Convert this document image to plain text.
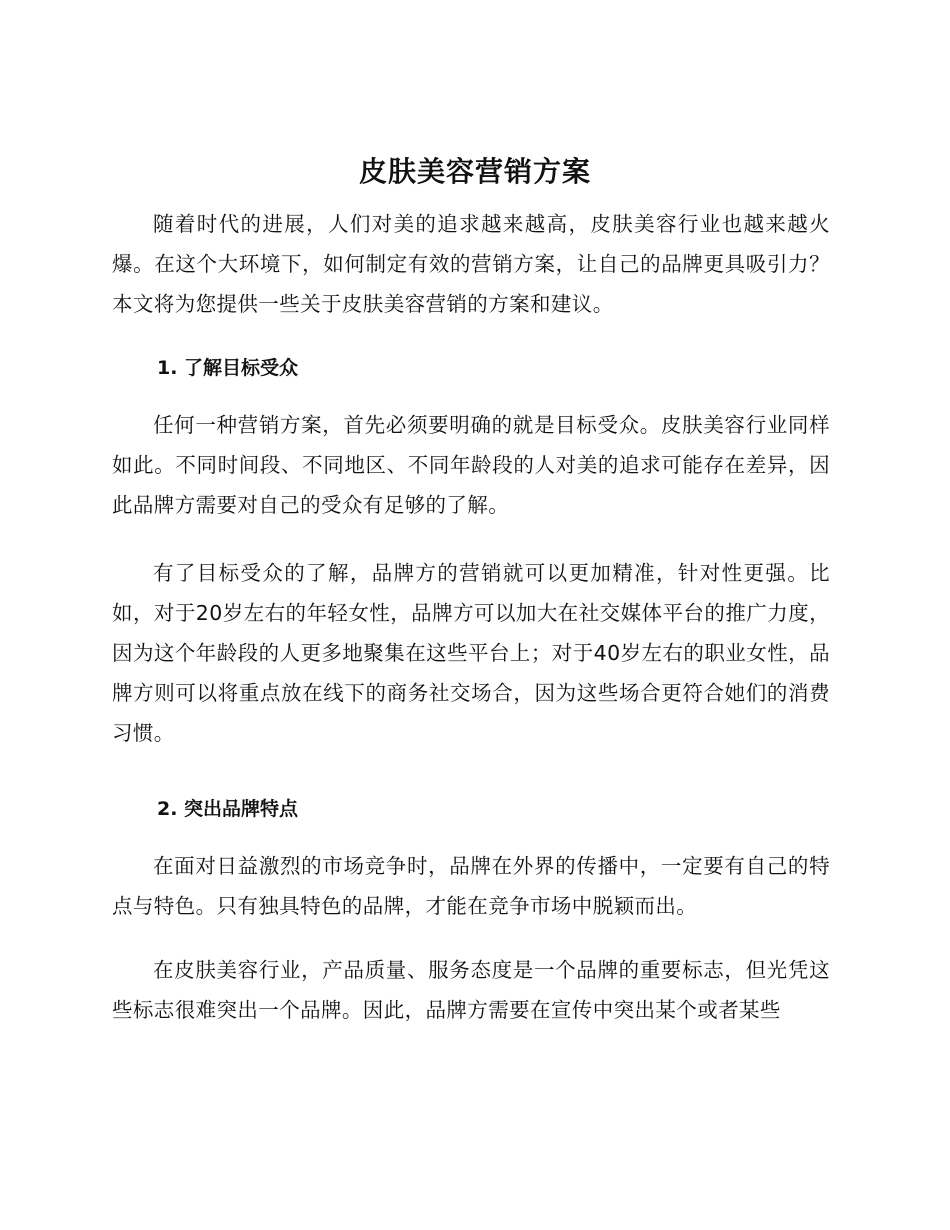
皮肤美容营销方案

随着时代的进展，人们对美的追求越来越高，皮肤美容行业也越来越火爆。在这个大环境下，如何制定有效的营销方案，让自己的品牌更具吸引力？本文将为您提供一些关于皮肤美容营销的方案和建议。

1. 了解目标受众

任何一种营销方案，首先必须要明确的就是目标受众。皮肤美容行业同样如此。不同时间段、不同地区、不同年龄段的人对美的追求可能存在差异，因此品牌方需要对自己的受众有足够的了解。

有了目标受众的了解，品牌方的营销就可以更加精准，针对性更强。比如，对于20岁左右的年轻女性，品牌方可以加大在社交媒体平台的推广力度，因为这个年龄段的人更多地聚集在这些平台上；对于40岁左右的职业女性，品牌方则可以将重点放在线下的商务社交场合，因为这些场合更符合她们的消费习惯。

2. 突出品牌特点

在面对日益激烈的市场竞争时，品牌在外界的传播中，一定要有自己的特点与特色。只有独具特色的品牌，才能在竞争市场中脱颖而出。

在皮肤美容行业，产品质量、服务态度是一个品牌的重要标志，但光凭这些标志很难突出一个品牌。因此，品牌方需要在宣传中突出某个或者某些
